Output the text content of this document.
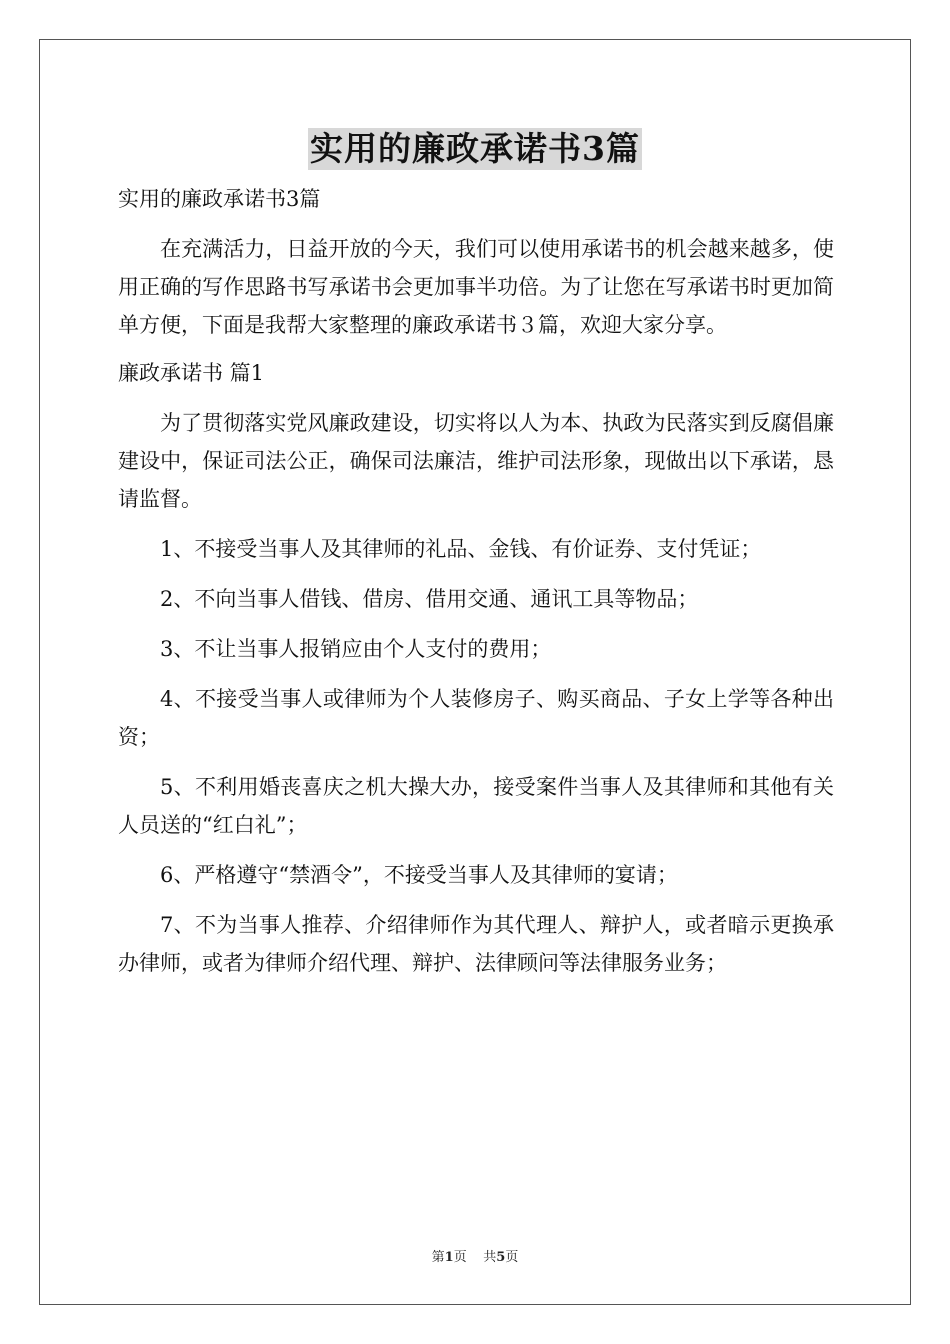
实用的廉政承诺书3篇

实用的廉政承诺书3篇

在充满活力，日益开放的今天，我们可以使用承诺书的机会越来越多，使用正确的写作思路书写承诺书会更加事半功倍。为了让您在写承诺书时更加简单方便，下面是我帮大家整理的廉政承诺书３篇，欢迎大家分享。

廉政承诺书 篇1

为了贯彻落实党风廉政建设，切实将以人为本、执政为民落实到反腐倡廉建设中，保证司法公正，确保司法廉洁，维护司法形象，现做出以下承诺，恳请监督。

1、不接受当事人及其律师的礼品、金钱、有价证券、支付凭证；

2、不向当事人借钱、借房、借用交通、通讯工具等物品；

3、不让当事人报销应由个人支付的费用；

4、不接受当事人或律师为个人装修房子、购买商品、子女上学等各种出资；

5、不利用婚丧喜庆之机大操大办，接受案件当事人及其律师和其他有关人员送的“红白礼”；

6、严格遵守“禁酒令”，不接受当事人及其律师的宴请；

7、不为当事人推荐、介绍律师作为其代理人、辩护人，或者暗示更换承办律师，或者为律师介绍代理、辩护、法律顾问等法律服务业务；

第1页 共5页
